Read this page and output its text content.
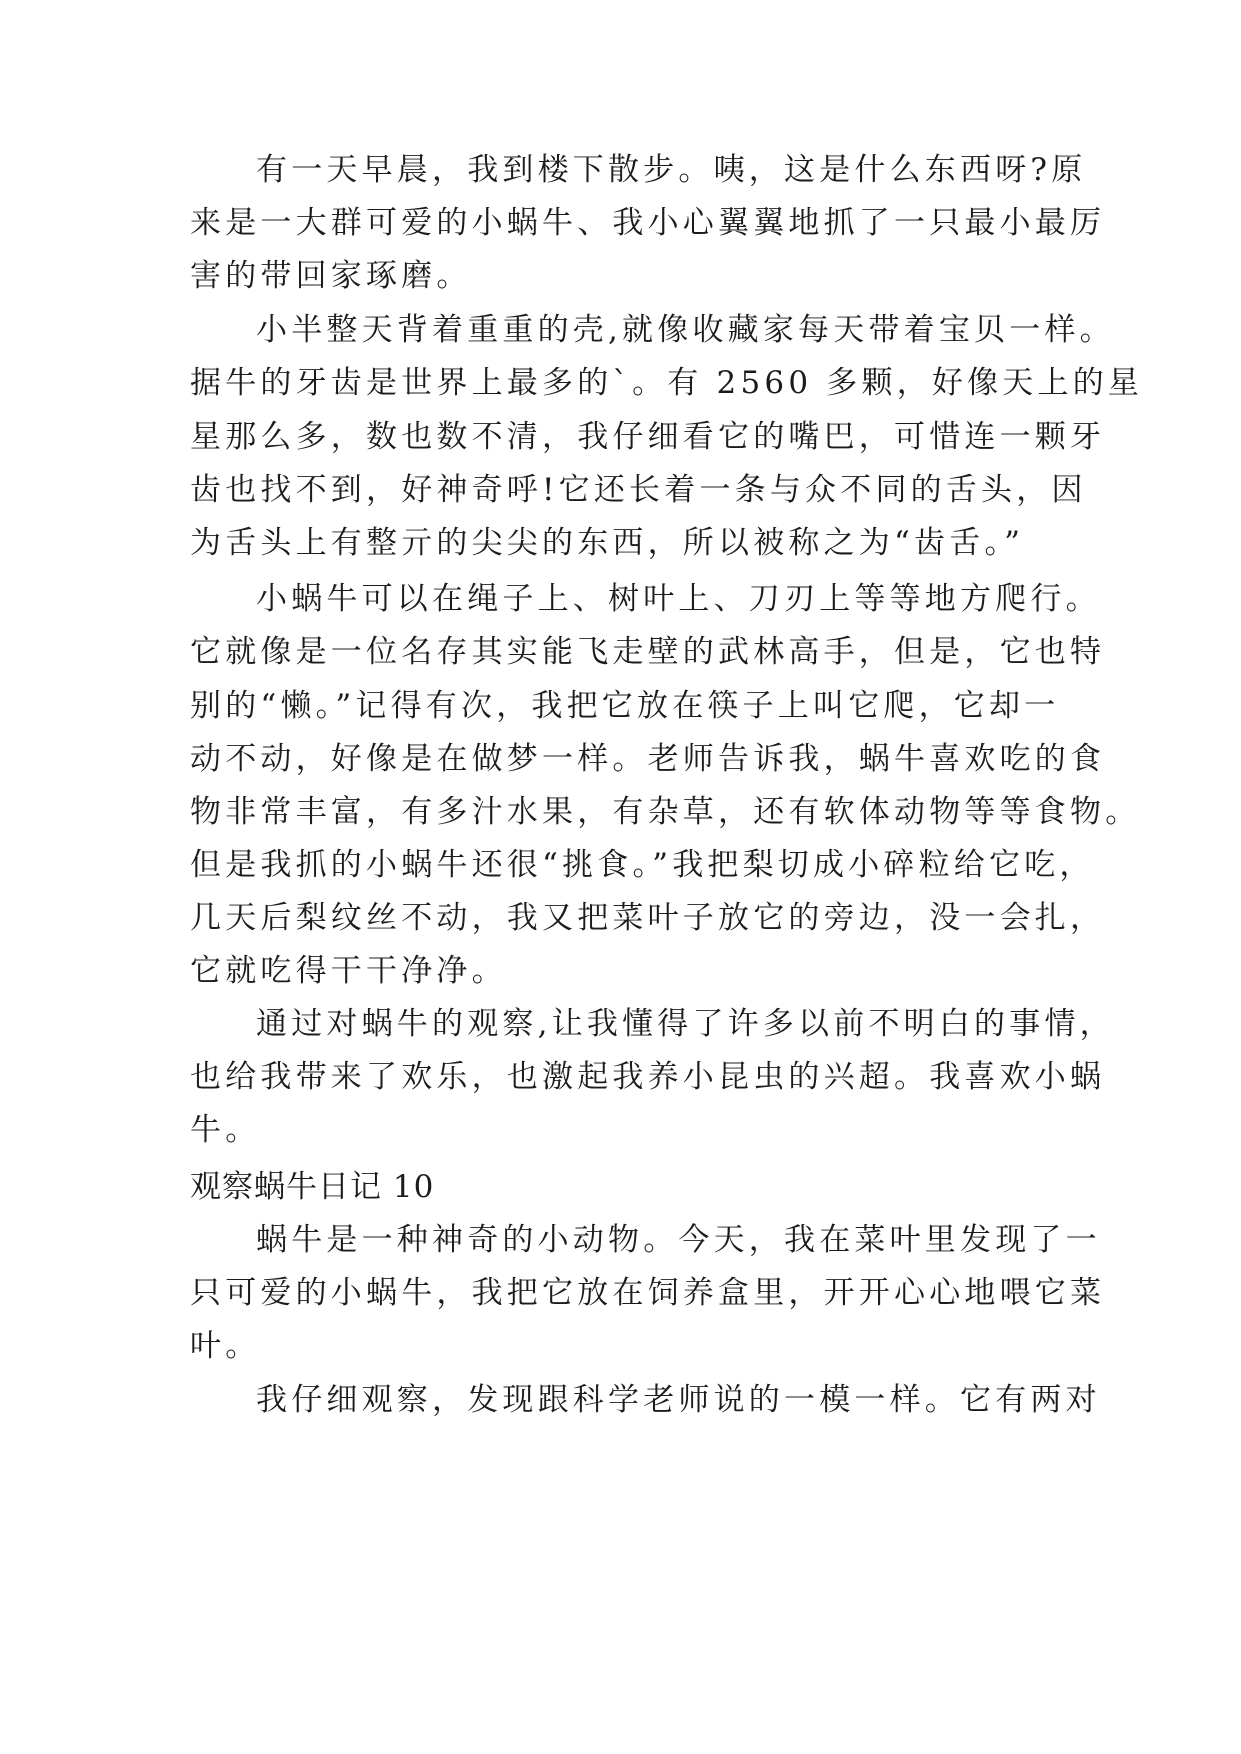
有一天早晨，我到楼下散步。咦，这是什么东西呀?原
来是一大群可爱的小蜗牛、我小心翼翼地抓了一只最小最厉
害的带回家琢磨。
小半整天背着重重的壳,就像收藏家每天带着宝贝一样。
据牛的牙齿是世界上最多的`。有 2560 多颗，好像天上的星
星那么多，数也数不清，我仔细看它的嘴巴，可惜连一颗牙
齿也找不到，好神奇呼!它还长着一条与众不同的舌头，因
为舌头上有整亓的尖尖的东西，所以被称之为“齿舌。”
小蜗牛可以在绳子上、树叶上、刀刃上等等地方爬行。
它就像是一位名存其实能飞走壁的武林高手，但是，它也特
别的“懒。”记得有次，我把它放在筷子上叫它爬，它却一
动不动，好像是在做梦一样。老师告诉我，蜗牛喜欢吃的食
物非常丰富，有多汁水果，有杂草，还有软体动物等等食物。
但是我抓的小蜗牛还很“挑食。”我把梨切成小碎粒给它吃，
几天后梨纹丝不动，我又把菜叶子放它的旁边，没一会扎，
它就吃得干干净净。
通过对蜗牛的观察,让我懂得了许多以前不明白的事情，
也给我带来了欢乐，也激起我养小昆虫的兴超。我喜欢小蜗
牛。
观察蜗牛日记 10
蜗牛是一种神奇的小动物。今天，我在菜叶里发现了一
只可爱的小蜗牛，我把它放在饲养盒里，开开心心地喂它菜
叶。
我仔细观察，发现跟科学老师说的一模一样。它有两对
